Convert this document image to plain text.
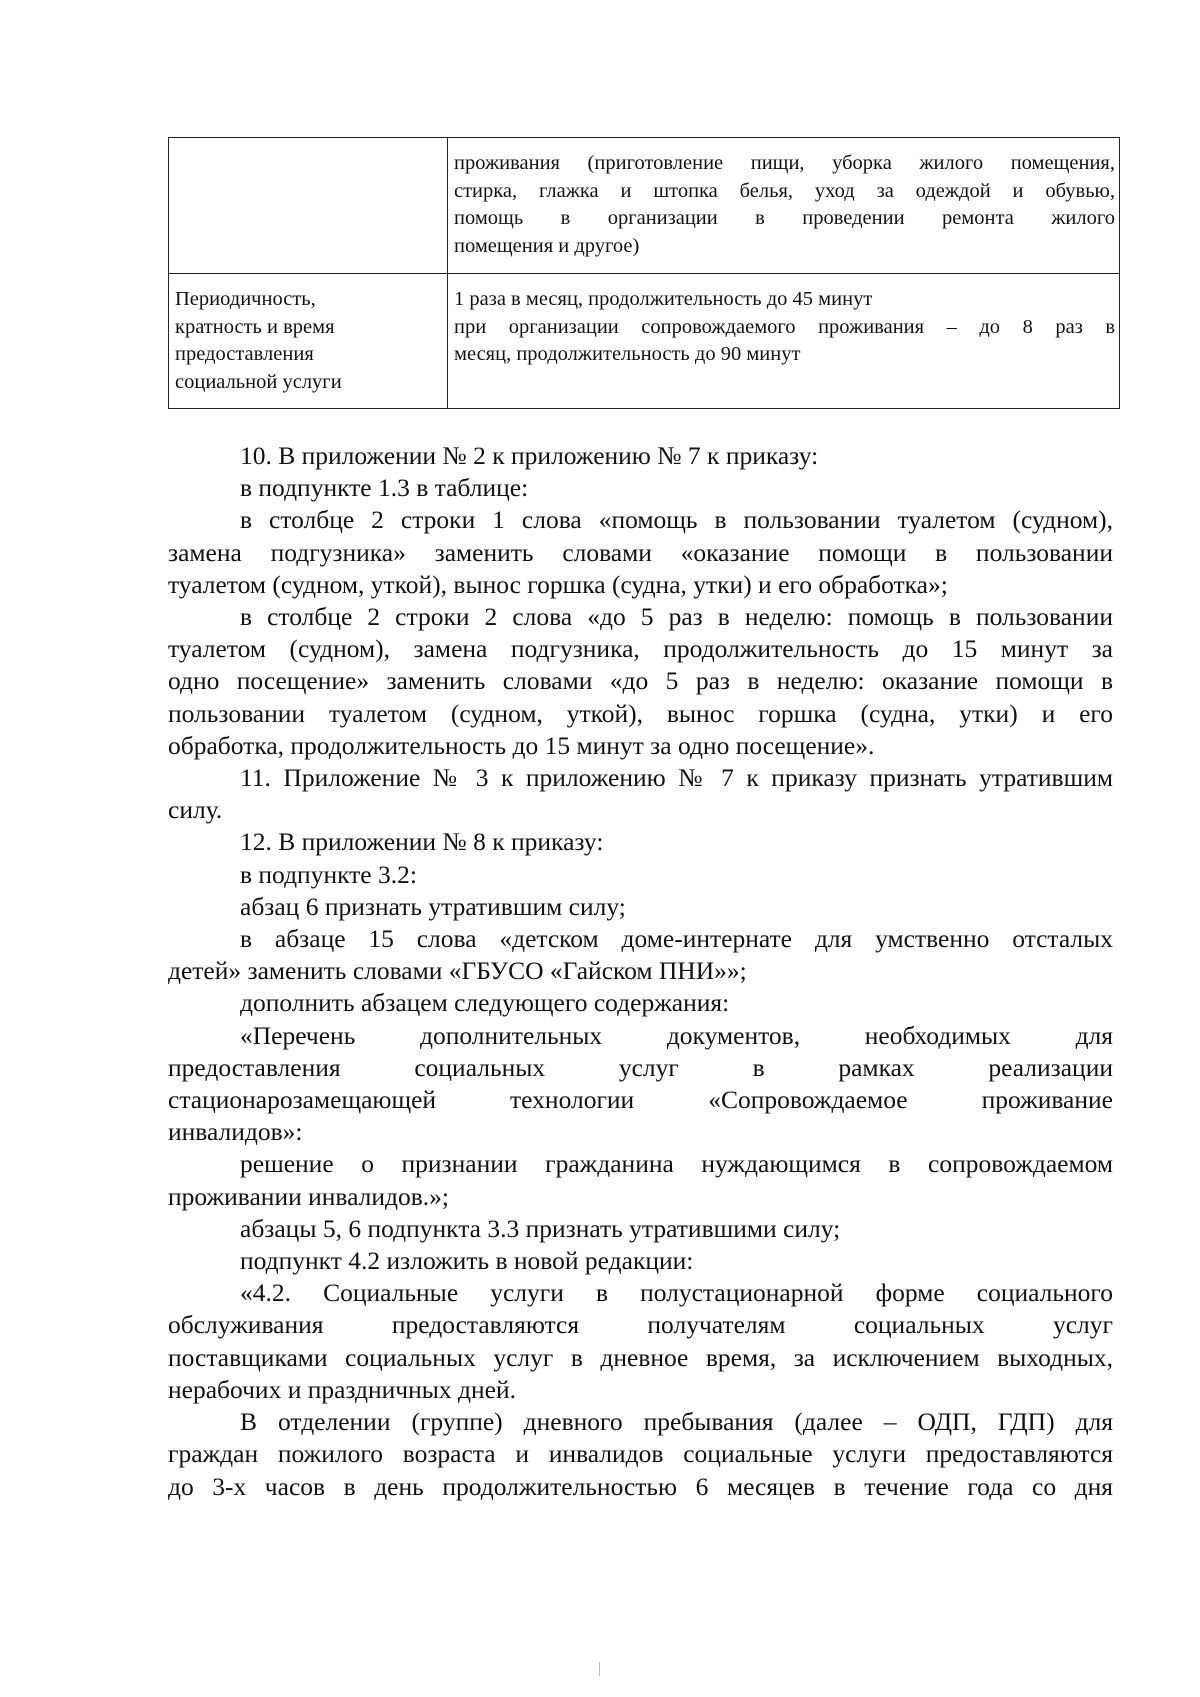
	проживания (приготовление пищи, уборка жилого помещения,
стирка, глажка и штопка белья, уход за одеждой и обувью,
помощь в организации в проведении ремонта жилого
помещения и другое)

Периодичность,
кратность и время
предоставления
социальной услуги	1 раза в месяц, продолжительность до 45 минут
при организации сопровождаемого проживания – до 8 раз в
месяц, продолжительность до 90 минут
10. В приложении № 2 к приложению № 7 к приказу:
в подпункте 1.3 в таблице:
в столбце 2 строки 1 слова «помощь в пользовании туалетом (судном),
замена подгузника» заменить словами «оказание помощи в пользовании
туалетом (судном, уткой), вынос горшка (судна, утки) и его обработка»;
в столбце 2 строки 2 слова «до 5 раз в неделю: помощь в пользовании
туалетом (судном), замена подгузника, продолжительность до 15 минут за
одно посещение» заменить словами «до 5 раз в неделю: оказание помощи в
пользовании туалетом (судном, уткой), вынос горшка (судна, утки) и его
обработка, продолжительность до 15 минут за одно посещение».
11. Приложение № 3 к приложению № 7 к приказу признать утратившим
силу.
12. В приложении № 8 к приказу:
в подпункте 3.2:
абзац 6 признать утратившим силу;
в абзаце 15 слова «детском доме-интернате для умственно отсталых
детей» заменить словами «ГБУСО «Гайском ПНИ»»;
дополнить абзацем следующего содержания:
«Перечень дополнительных документов, необходимых для
предоставления социальных услуг в рамках реализации
стационарозамещающей технологии «Сопровождаемое проживание
инвалидов»:
решение о признании гражданина нуждающимся в сопровождаемом
проживании инвалидов.»;
абзацы 5, 6 подпункта 3.3 признать утратившими силу;
подпункт 4.2 изложить в новой редакции:
«4.2. Социальные услуги в полустационарной форме социального
обслуживания предоставляются получателям социальных услуг
поставщиками социальных услуг в дневное время, за исключением выходных,
нерабочих и праздничных дней.
В отделении (группе) дневного пребывания (далее – ОДП, ГДП) для
граждан пожилого возраста и инвалидов социальные услуги предоставляются
до 3-х часов в день продолжительностью 6 месяцев в течение года со дня
